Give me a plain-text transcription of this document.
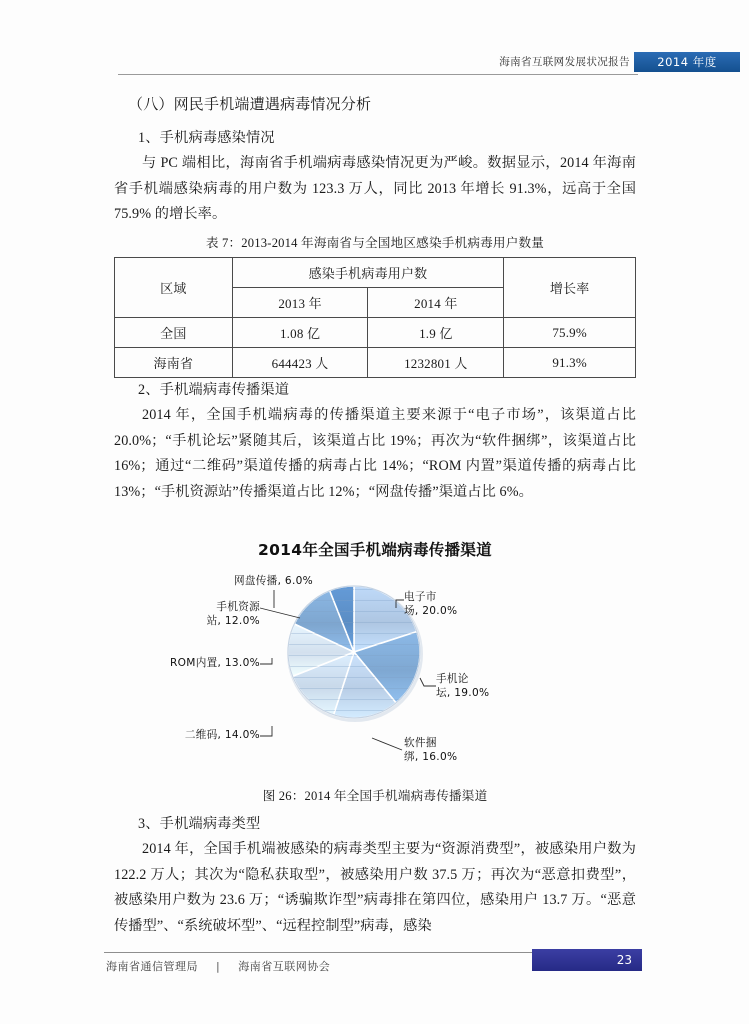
海南省互联网发展状况报告	2014 年度
（八）网民手机端遭遇病毒情况分析
1、手机病毒感染情况

与 PC 端相比，海南省手机端病毒感染情况更为严峻。数据显示，2014 年海南省手机端感染病毒的用户数为 123.3 万人，同比 2013 年增长 91.3%，远高于全国 75.9% 的增长率。

表 7：2013-2014 年海南省与全国地区感染手机病毒用户数量
区域	感染手机病毒用户数		增长率
	2013 年	2014 年	
全国	1.08 亿	1.9 亿	75.9%
海南省	644423 人	1232801 人	91.3%
2、手机端病毒传播渠道

2014 年，全国手机端病毒的传播渠道主要来源于“电子市场”，该渠道占比 20.0%；“手机论坛”紧随其后，该渠道占比 19%；再次为“软件捆绑”，该渠道占比 16%；通过“二维码”渠道传播的病毒占比 14%；“ROM 内置”渠道传播的病毒占比 13%；“手机资源站”传播渠道占比 12%；“网盘传播”渠道占比 6%。

2014年全国手机端病毒传播渠道
网盘传播, 6.0%
手机资源
站, 12.0%
ROM内置, 13.0%
二维码, 14.0%
电子市
场, 20.0%
手机论
坛, 19.0%
软件捆
绑, 16.0%
图 26：2014 年全国手机端病毒传播渠道
3、手机端病毒类型

2014 年，全国手机端被感染的病毒类型主要为“资源消费型”，被感染用户数为 122.2 万人；其次为“隐私获取型”，被感染用户数 37.5 万；再次为“恶意扣费型”，被感染用户数为 23.6 万；“诱骗欺诈型”病毒排在第四位，感染用户 13.7 万。“恶意传播型”、“系统破坏型”、“远程控制型”病毒，感染

海南省通信管理局 | 海南省互联网协会	23
